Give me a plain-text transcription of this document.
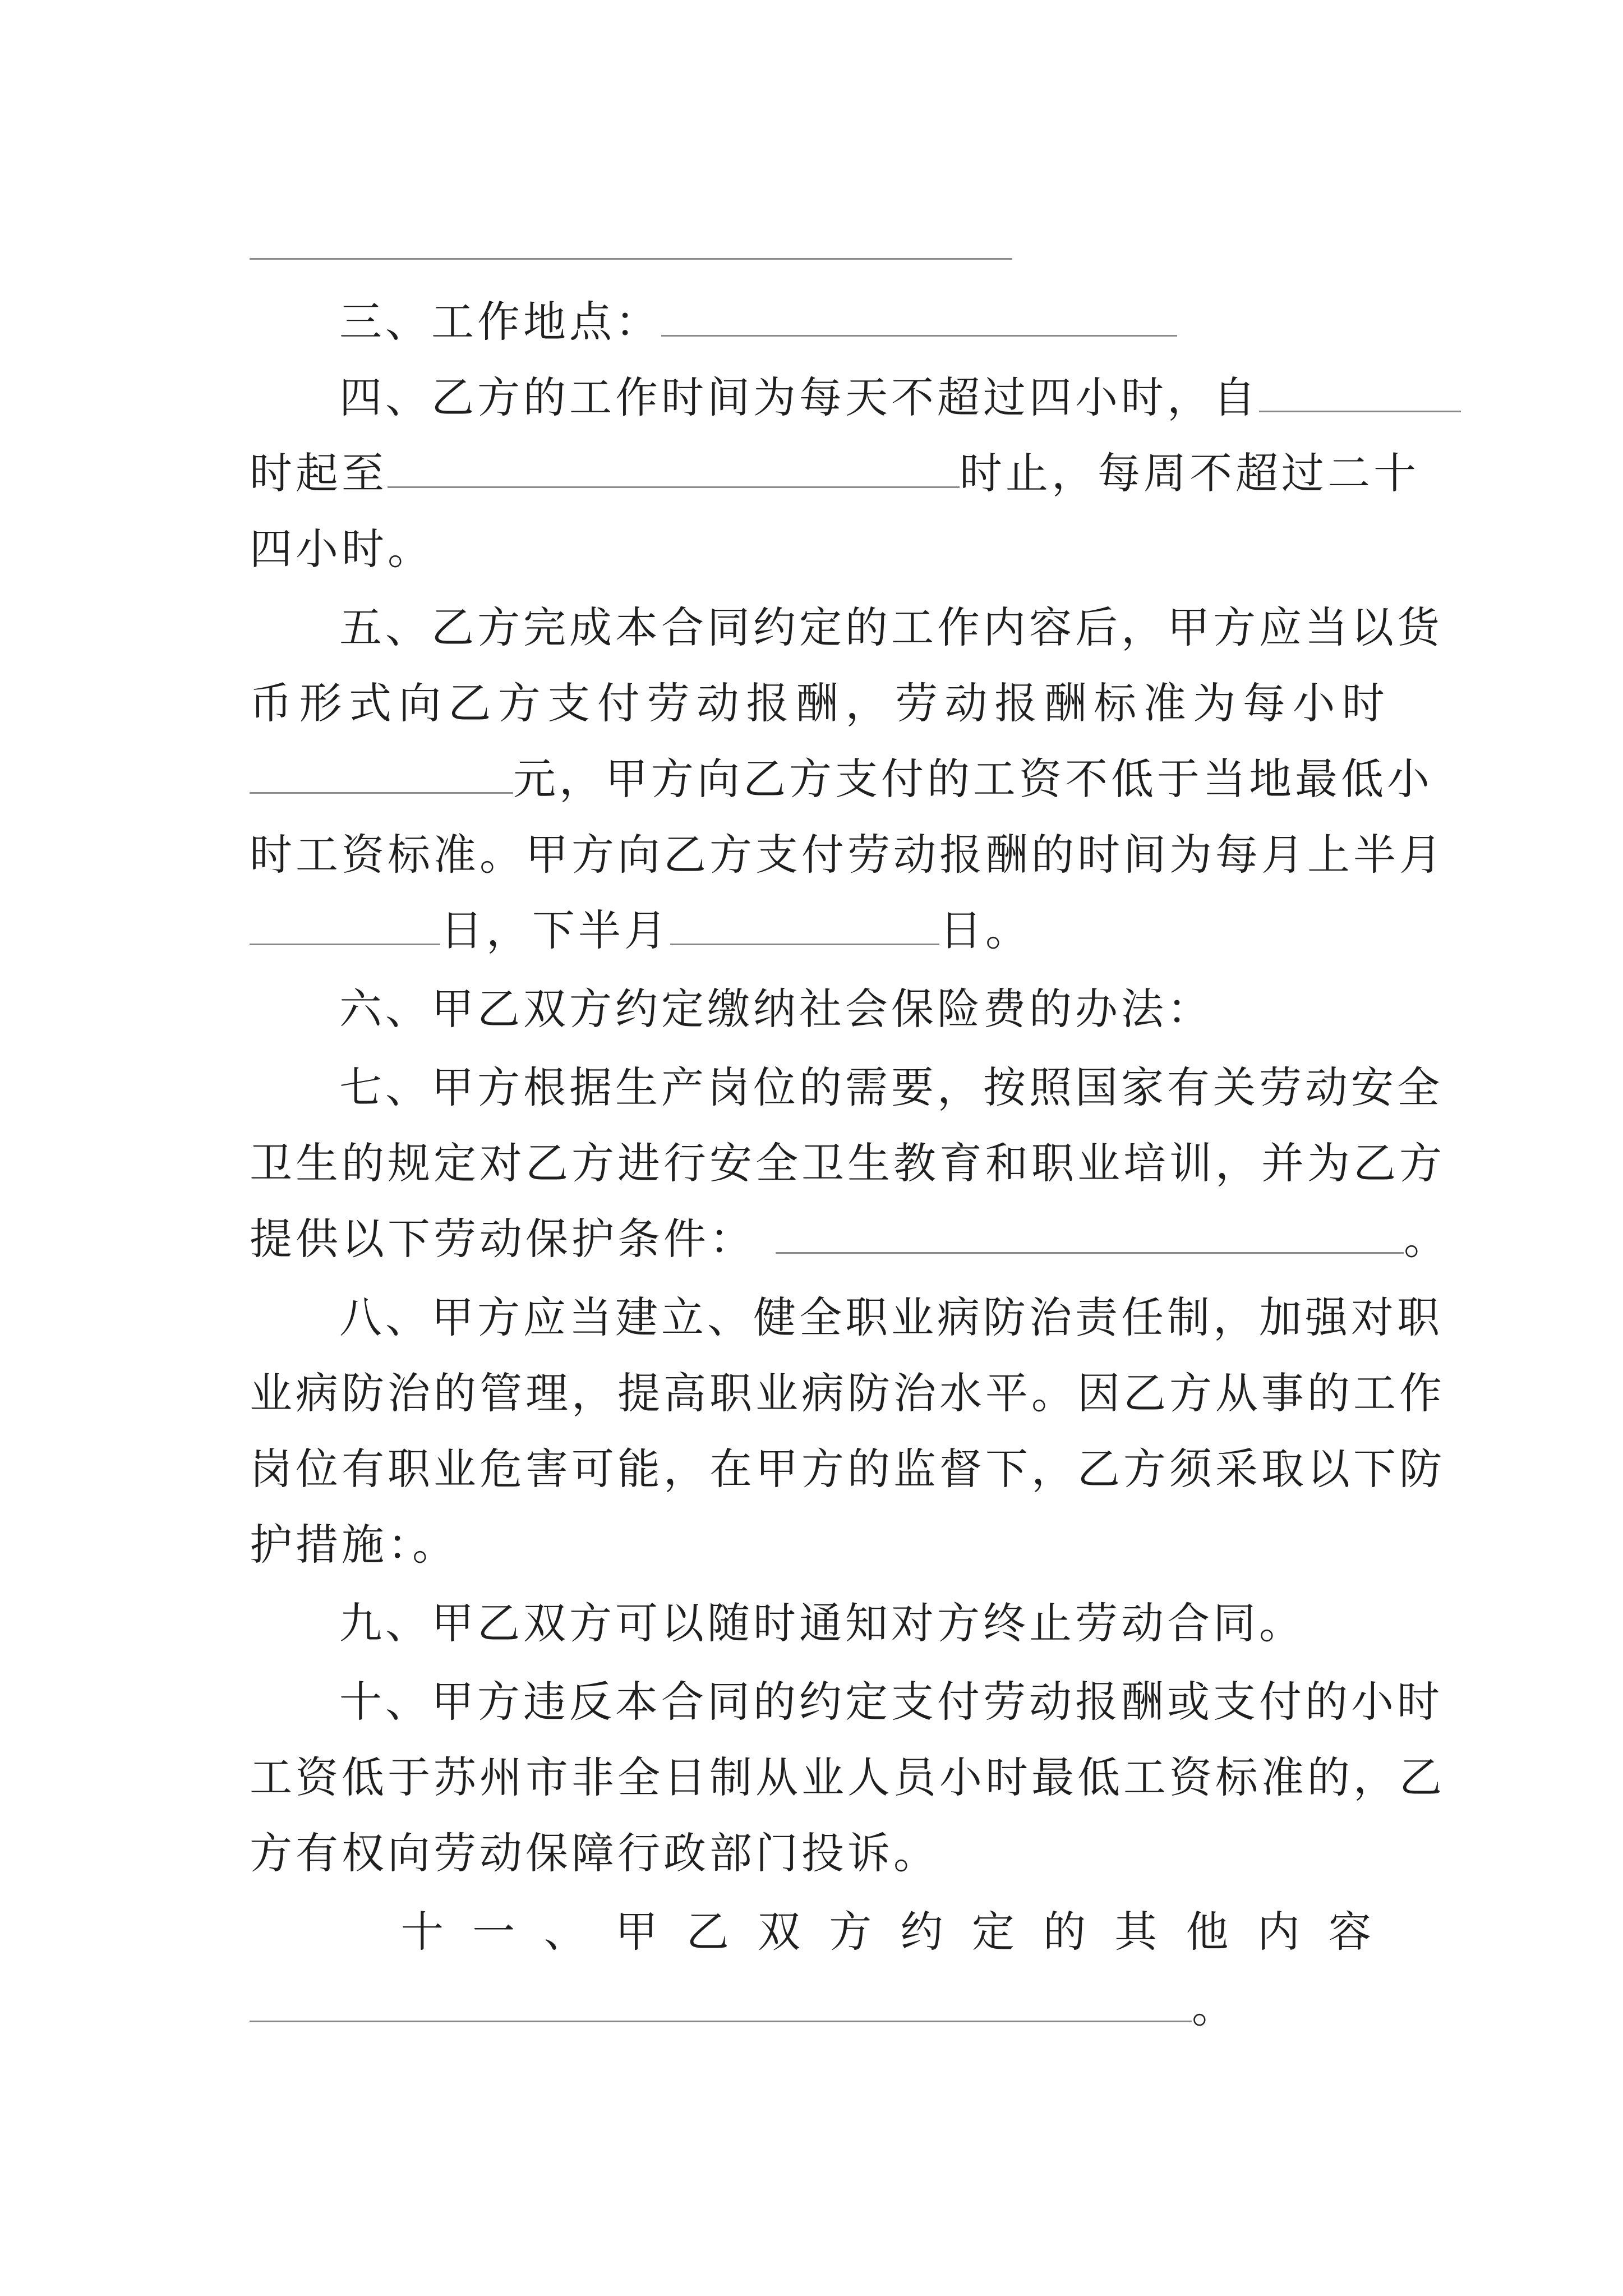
三、工作地点：
四、乙方的工作时间为每天不超过四小时，自
时起至	时止，每周不超过二十
四小时。
五、乙方完成本合同约定的工作内容后，甲方应当以货
币形式向乙方支付劳动报酬，劳动报酬标准为每小时
元，甲方向乙方支付的工资不低于当地最低小
时工资标准。甲方向乙方支付劳动报酬的时间为每月上半月
日，下半月	日。
六、甲乙双方约定缴纳社会保险费的办法：
七、甲方根据生产岗位的需要，按照国家有关劳动安全
卫生的规定对乙方进行安全卫生教育和职业培训，并为乙方
提供以下劳动保护条件：	。
八、甲方应当建立、健全职业病防治责任制，加强对职
业病防治的管理，提高职业病防治水平。因乙方从事的工作
岗位有职业危害可能，在甲方的监督下，乙方须采取以下防
护措施：。
九、甲乙双方可以随时通知对方终止劳动合同。
十、甲方违反本合同的约定支付劳动报酬或支付的小时
工资低于苏州市非全日制从业人员小时最低工资标准的，乙
方有权向劳动保障行政部门投诉。
十一、甲乙双方约定的其他内容
。
